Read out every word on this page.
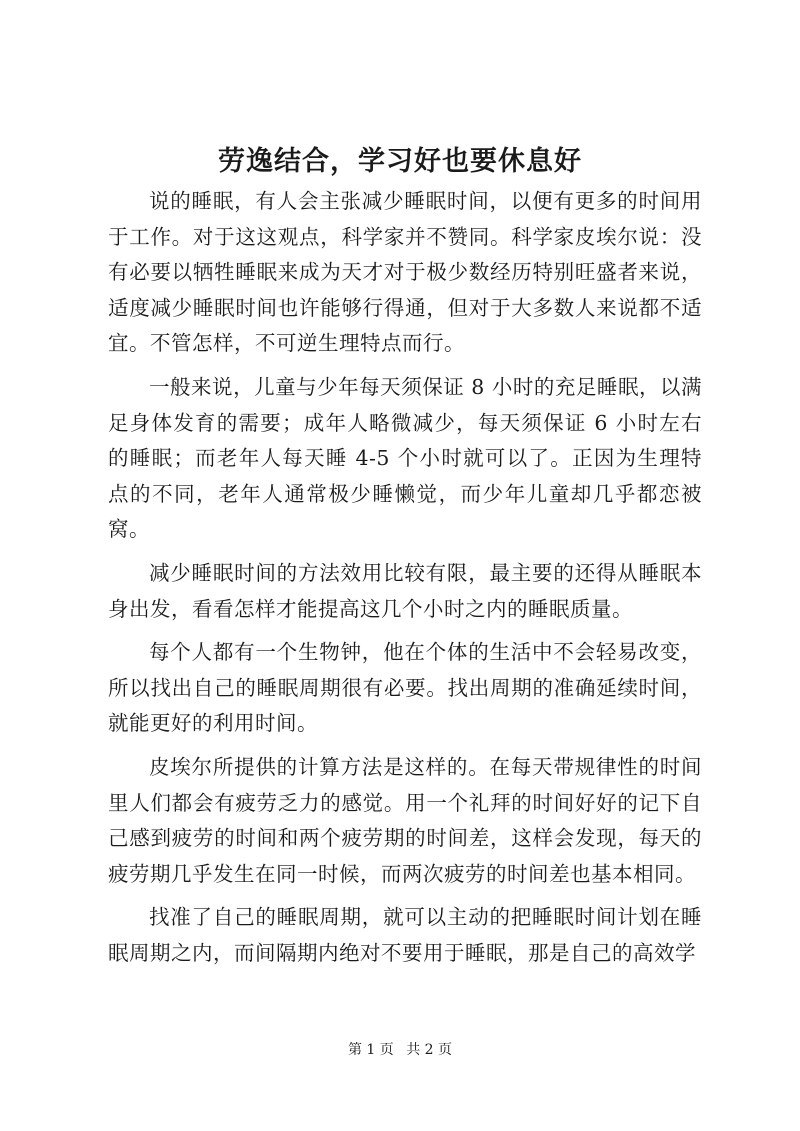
劳逸结合，学习好也要休息好

说的睡眠，有人会主张减少睡眠时间，以便有更多的时间用于工作。对于这这观点，科学家并不赞同。科学家皮埃尔说：没有必要以牺牲睡眠来成为天才对于极少数经历特别旺盛者来说，适度减少睡眠时间也许能够行得通，但对于大多数人来说都不适宜。不管怎样，不可逆生理特点而行。

一般来说，儿童与少年每天须保证 8 小时的充足睡眠，以满足身体发育的需要；成年人略微减少，每天须保证 6 小时左右的睡眠；而老年人每天睡 4-5 个小时就可以了。正因为生理特点的不同，老年人通常极少睡懒觉，而少年儿童却几乎都恋被窝。

减少睡眠时间的方法效用比较有限，最主要的还得从睡眠本身出发，看看怎样才能提高这几个小时之内的睡眠质量。

每个人都有一个生物钟，他在个体的生活中不会轻易改变，所以找出自己的睡眠周期很有必要。找出周期的准确延续时间，就能更好的利用时间。

皮埃尔所提供的计算方法是这样的。在每天带规律性的时间里人们都会有疲劳乏力的感觉。用一个礼拜的时间好好的记下自己感到疲劳的时间和两个疲劳期的时间差，这样会发现，每天的疲劳期几乎发生在同一时候，而两次疲劳的时间差也基本相同。

找准了自己的睡眠周期，就可以主动的把睡眠时间计划在睡眠周期之内，而间隔期内绝对不要用于睡眠，那是自己的高效学

第 1 页 共 2 页
